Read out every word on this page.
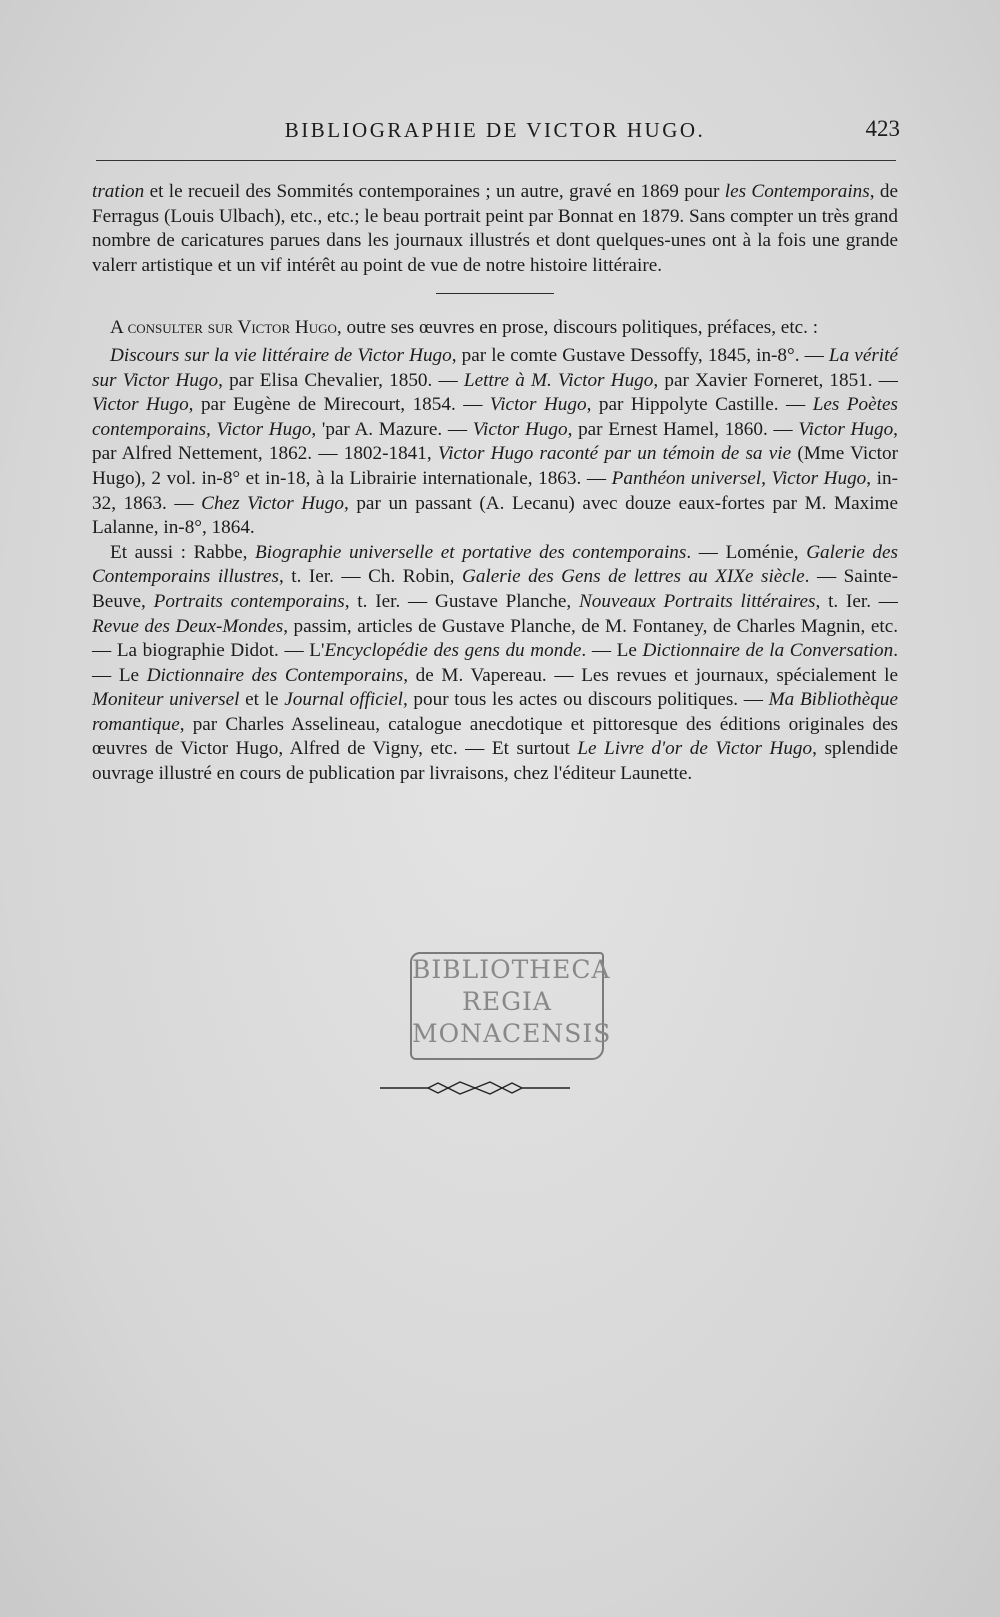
BIBLIOGRAPHIE DE VICTOR HUGO.	423

tration et le recueil des Sommités contemporaines ; un autre, gravé en 1869 pour les Contemporains, de Ferragus (Louis Ulbach), etc., etc.; le beau portrait peint par Bonnat en 1879. Sans compter un très grand nombre de caricatures parues dans les journaux illustrés et dont quelques-unes ont à la fois une grande valerr artistique et un vif intérêt au point de vue de notre histoire littéraire.

A consulter sur Victor Hugo, outre ses œuvres en prose, discours politiques, préfaces, etc. :

Discours sur la vie littéraire de Victor Hugo, par le comte Gustave Dessoffy, 1845, in-8°. — La vérité sur Victor Hugo, par Elisa Chevalier, 1850. — Lettre à M. Victor Hugo, par Xavier Forneret, 1851. — Victor Hugo, par Eugène de Mirecourt, 1854. — Victor Hugo, par Hippolyte Castille. — Les Poètes contemporains, Victor Hugo, 'par A. Mazure. — Victor Hugo, par Ernest Hamel, 1860. — Victor Hugo, par Alfred Nettement, 1862. — 1802-1841, Victor Hugo raconté par un témoin de sa vie (Mme Victor Hugo), 2 vol. in-8° et in-18, à la Librairie internationale, 1863. — Panthéon universel, Victor Hugo, in-32, 1863. — Chez Victor Hugo, par un passant (A. Lecanu) avec douze eaux-fortes par M. Maxime Lalanne, in-8°, 1864.

Et aussi : Rabbe, Biographie universelle et portative des contemporains. — Loménie, Galerie des Contemporains illustres, t. Ier. — Ch. Robin, Galerie des Gens de lettres au XIXe siècle. — Sainte-Beuve, Portraits contemporains, t. Ier. — Gustave Planche, Nouveaux Portraits littéraires, t. Ier. — Revue des Deux-Mondes, passim, articles de Gustave Planche, de M. Fontaney, de Charles Magnin, etc. — La biographie Didot. — L'Encyclopédie des gens du monde. — Le Dictionnaire de la Conversation. — Le Dictionnaire des Contemporains, de M. Vapereau. — Les revues et journaux, spécialement le Moniteur universel et le Journal officiel, pour tous les actes ou discours politiques. — Ma Bibliothèque romantique, par Charles Asselineau, catalogue anecdotique et pittoresque des éditions originales des œuvres de Victor Hugo, Alfred de Vigny, etc. — Et surtout Le Livre d'or de Victor Hugo, splendide ouvrage illustré en cours de publication par livraisons, chez l'éditeur Launette.

BIBLIOTHECA
REGIA
MONACENSIS
